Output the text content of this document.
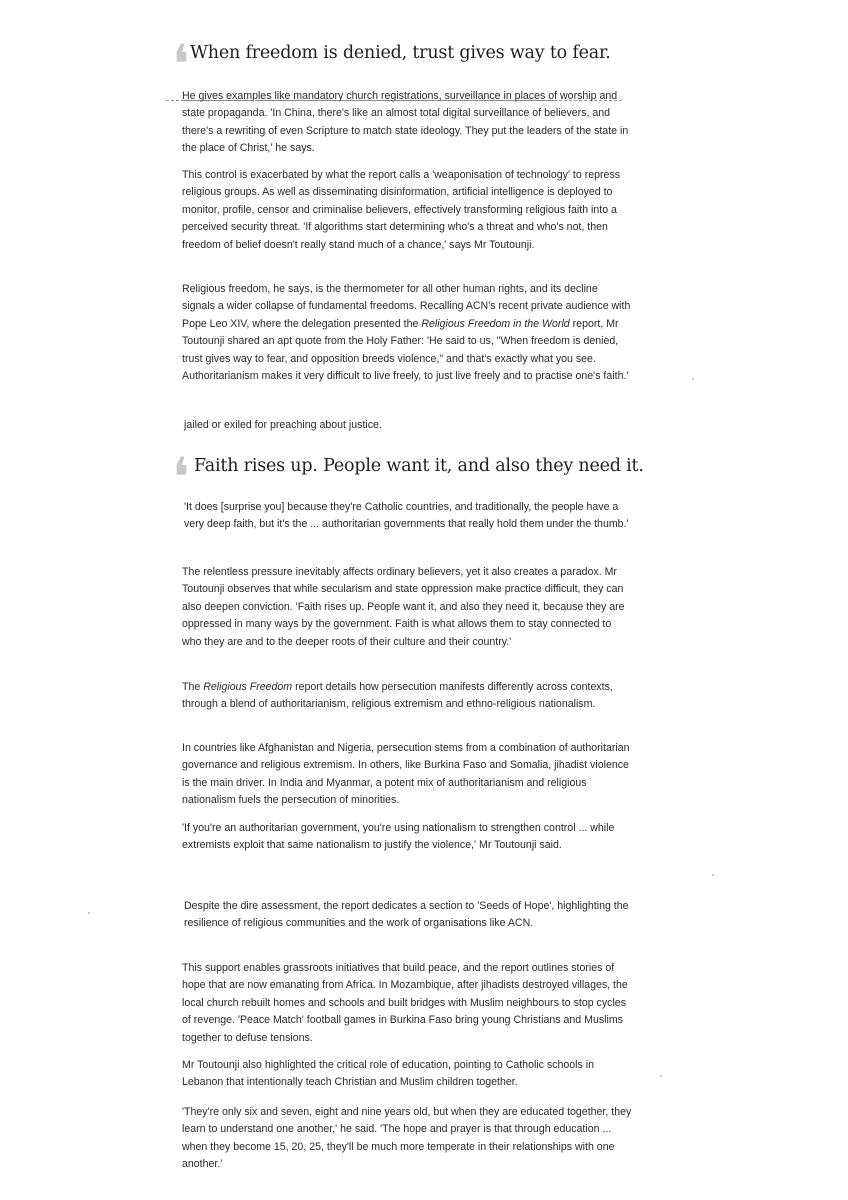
❛ When freedom is denied, trust gives way to fear.

He gives examples like mandatory church registrations, surveillance in places of worship and state propaganda. 'In China, there's like an almost total digital surveillance of believers, and there's a rewriting of even Scripture to match state ideology. They put the leaders of the state in the place of Christ,' he says.

This control is exacerbated by what the report calls a 'weaponisation of technology' to repress religious groups. As well as disseminating disinformation, artificial intelligence is deployed to monitor, profile, censor and criminalise believers, effectively transforming religious faith into a perceived security threat. 'If algorithms start determining who's a threat and who's not, then freedom of belief doesn't really stand much of a chance,' says Mr Toutounji.

Religious freedom, he says, is the thermometer for all other human rights, and its decline signals a wider collapse of fundamental freedoms. Recalling ACN's recent private audience with Pope Leo XIV, where the delegation presented the Religious Freedom in the World report, Mr Toutounji shared an apt quote from the Holy Father: 'He said to us, "When freedom is denied, trust gives way to fear, and opposition breeds violence," and that's exactly what you see. Authoritarianism makes it very difficult to live freely, to just live freely and to practise one's faith.'

jailed or exiled for preaching about justice.

❛ Faith rises up. People want it, and also they need it.

'It does [surprise you] because they're Catholic countries, and traditionally, the people have a very deep faith, but it's the ... authoritarian governments that really hold them under the thumb.'

The relentless pressure inevitably affects ordinary believers, yet it also creates a paradox. Mr Toutounji observes that while secularism and state oppression make practice difficult, they can also deepen conviction. 'Faith rises up. People want it, and also they need it, because they are oppressed in many ways by the government. Faith is what allows them to stay connected to who they are and to the deeper roots of their culture and their country.'

The Religious Freedom report details how persecution manifests differently across contexts, through a blend of authoritarianism, religious extremism and ethno-religious nationalism.

In countries like Afghanistan and Nigeria, persecution stems from a combination of authoritarian governance and religious extremism. In others, like Burkina Faso and Somalia, jihadist violence is the main driver. In India and Myanmar, a potent mix of authoritarianism and religious nationalism fuels the persecution of minorities.

'If you're an authoritarian government, you're using nationalism to strengthen control ... while extremists exploit that same nationalism to justify the violence,' Mr Toutounji said.

Despite the dire assessment, the report dedicates a section to 'Seeds of Hope', highlighting the resilience of religious communities and the work of organisations like ACN.

This support enables grassroots initiatives that build peace, and the report outlines stories of hope that are now emanating from Africa. In Mozambique, after jihadists destroyed villages, the local church rebuilt homes and schools and built bridges with Muslim neighbours to stop cycles of revenge. 'Peace Match' football games in Burkina Faso bring young Christians and Muslims together to defuse tensions.

Mr Toutounji also highlighted the critical role of education, pointing to Catholic schools in Lebanon that intentionally teach Christian and Muslim children together.

'They're only six and seven, eight and nine years old, but when they are educated together, they learn to understand one another,' he said. 'The hope and prayer is that through education ... when they become 15, 20, 25, they'll be much more temperate in their relationships with one another.'
